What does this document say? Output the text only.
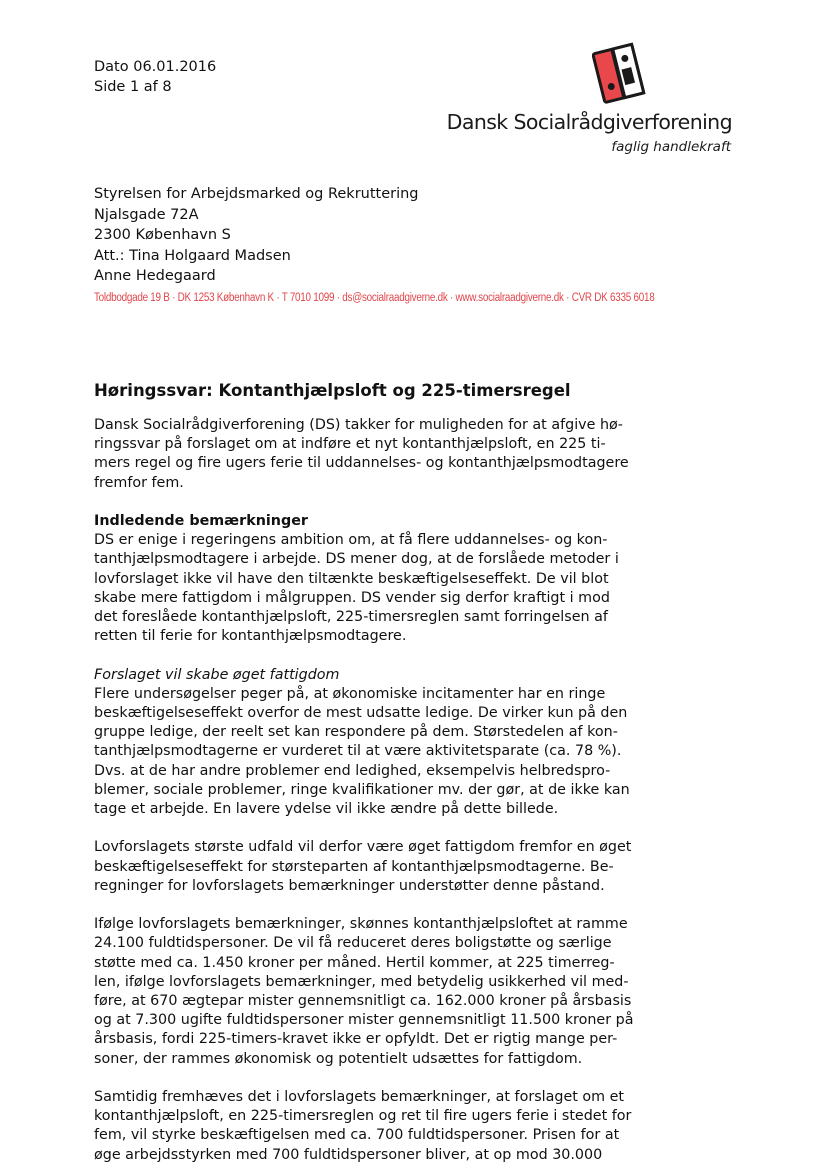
Dato 06.01.2016
Side 1 af 8
Dansk Socialrådgiverforening
faglig handlekraft
Styrelsen for Arbejdsmarked og Rekruttering
Njalsgade 72A
2300 København S
Att.: Tina Holgaard Madsen
Anne Hedegaard
Toldbodgade 19 B · DK 1253 København K · T 7010 1099 · ds@socialraadgiverne.dk · www.socialraadgiverne.dk · CVR DK 6335 6018
Høringssvar: Kontanthjælpsloft og 225-timersregel

Dansk Socialrådgiverforening (DS) takker for muligheden for at afgive hø-
ringssvar på forslaget om at indføre et nyt kontanthjælpsloft, en 225 ti-
mers regel og fire ugers ferie til uddannelses- og kontanthjælpsmodtagere
fremfor fem.

Indledende bemærkninger
DS er enige i regeringens ambition om, at få flere uddannelses- og kon-
tanthjælpsmodtagere i arbejde. DS mener dog, at de forslåede metoder i
lovforslaget ikke vil have den tiltænkte beskæftigelseseffekt. De vil blot
skabe mere fattigdom i målgruppen. DS vender sig derfor kraftigt i mod
det foreslåede kontanthjælpsloft, 225-timersreglen samt forringelsen af
retten til ferie for kontanthjælpsmodtagere.

Forslaget vil skabe øget fattigdom
Flere undersøgelser peger på, at økonomiske incitamenter har en ringe
beskæftigelseseffekt overfor de mest udsatte ledige. De virker kun på den
gruppe ledige, der reelt set kan respondere på dem. Størstedelen af kon-
tanthjælpsmodtagerne er vurderet til at være aktivitetsparate (ca. 78 %).
Dvs. at de har andre problemer end ledighed, eksempelvis helbredspro-
blemer, sociale problemer, ringe kvalifikationer mv. der gør, at de ikke kan
tage et arbejde. En lavere ydelse vil ikke ændre på dette billede.

Lovforslagets største udfald vil derfor være øget fattigdom fremfor en øget
beskæftigelseseffekt for størsteparten af kontanthjælpsmodtagerne. Be-
regninger for lovforslagets bemærkninger understøtter denne påstand.

Ifølge lovforslagets bemærkninger, skønnes kontanthjælpsloftet at ramme
24.100 fuldtidspersoner. De vil få reduceret deres boligstøtte og særlige
støtte med ca. 1.450 kroner per måned. Hertil kommer, at 225 timerreg-
len, ifølge lovforslagets bemærkninger, med betydelig usikkerhed vil med-
føre, at 670 ægtepar mister gennemsnitligt ca. 162.000 kroner på årsbasis
og at 7.300 ugifte fuldtidspersoner mister gennemsnitligt 11.500 kroner på
årsbasis, fordi 225-timers-kravet ikke er opfyldt. Det er rigtig mange per-
soner, der rammes økonomisk og potentielt udsættes for fattigdom.

Samtidig fremhæves det i lovforslagets bemærkninger, at forslaget om et
kontanthjælpsloft, en 225-timersreglen og ret til fire ugers ferie i stedet for
fem, vil styrke beskæftigelsen med ca. 700 fuldtidspersoner. Prisen for at
øge arbejdsstyrken med 700 fuldtidspersoner bliver, at op mod 30.000
